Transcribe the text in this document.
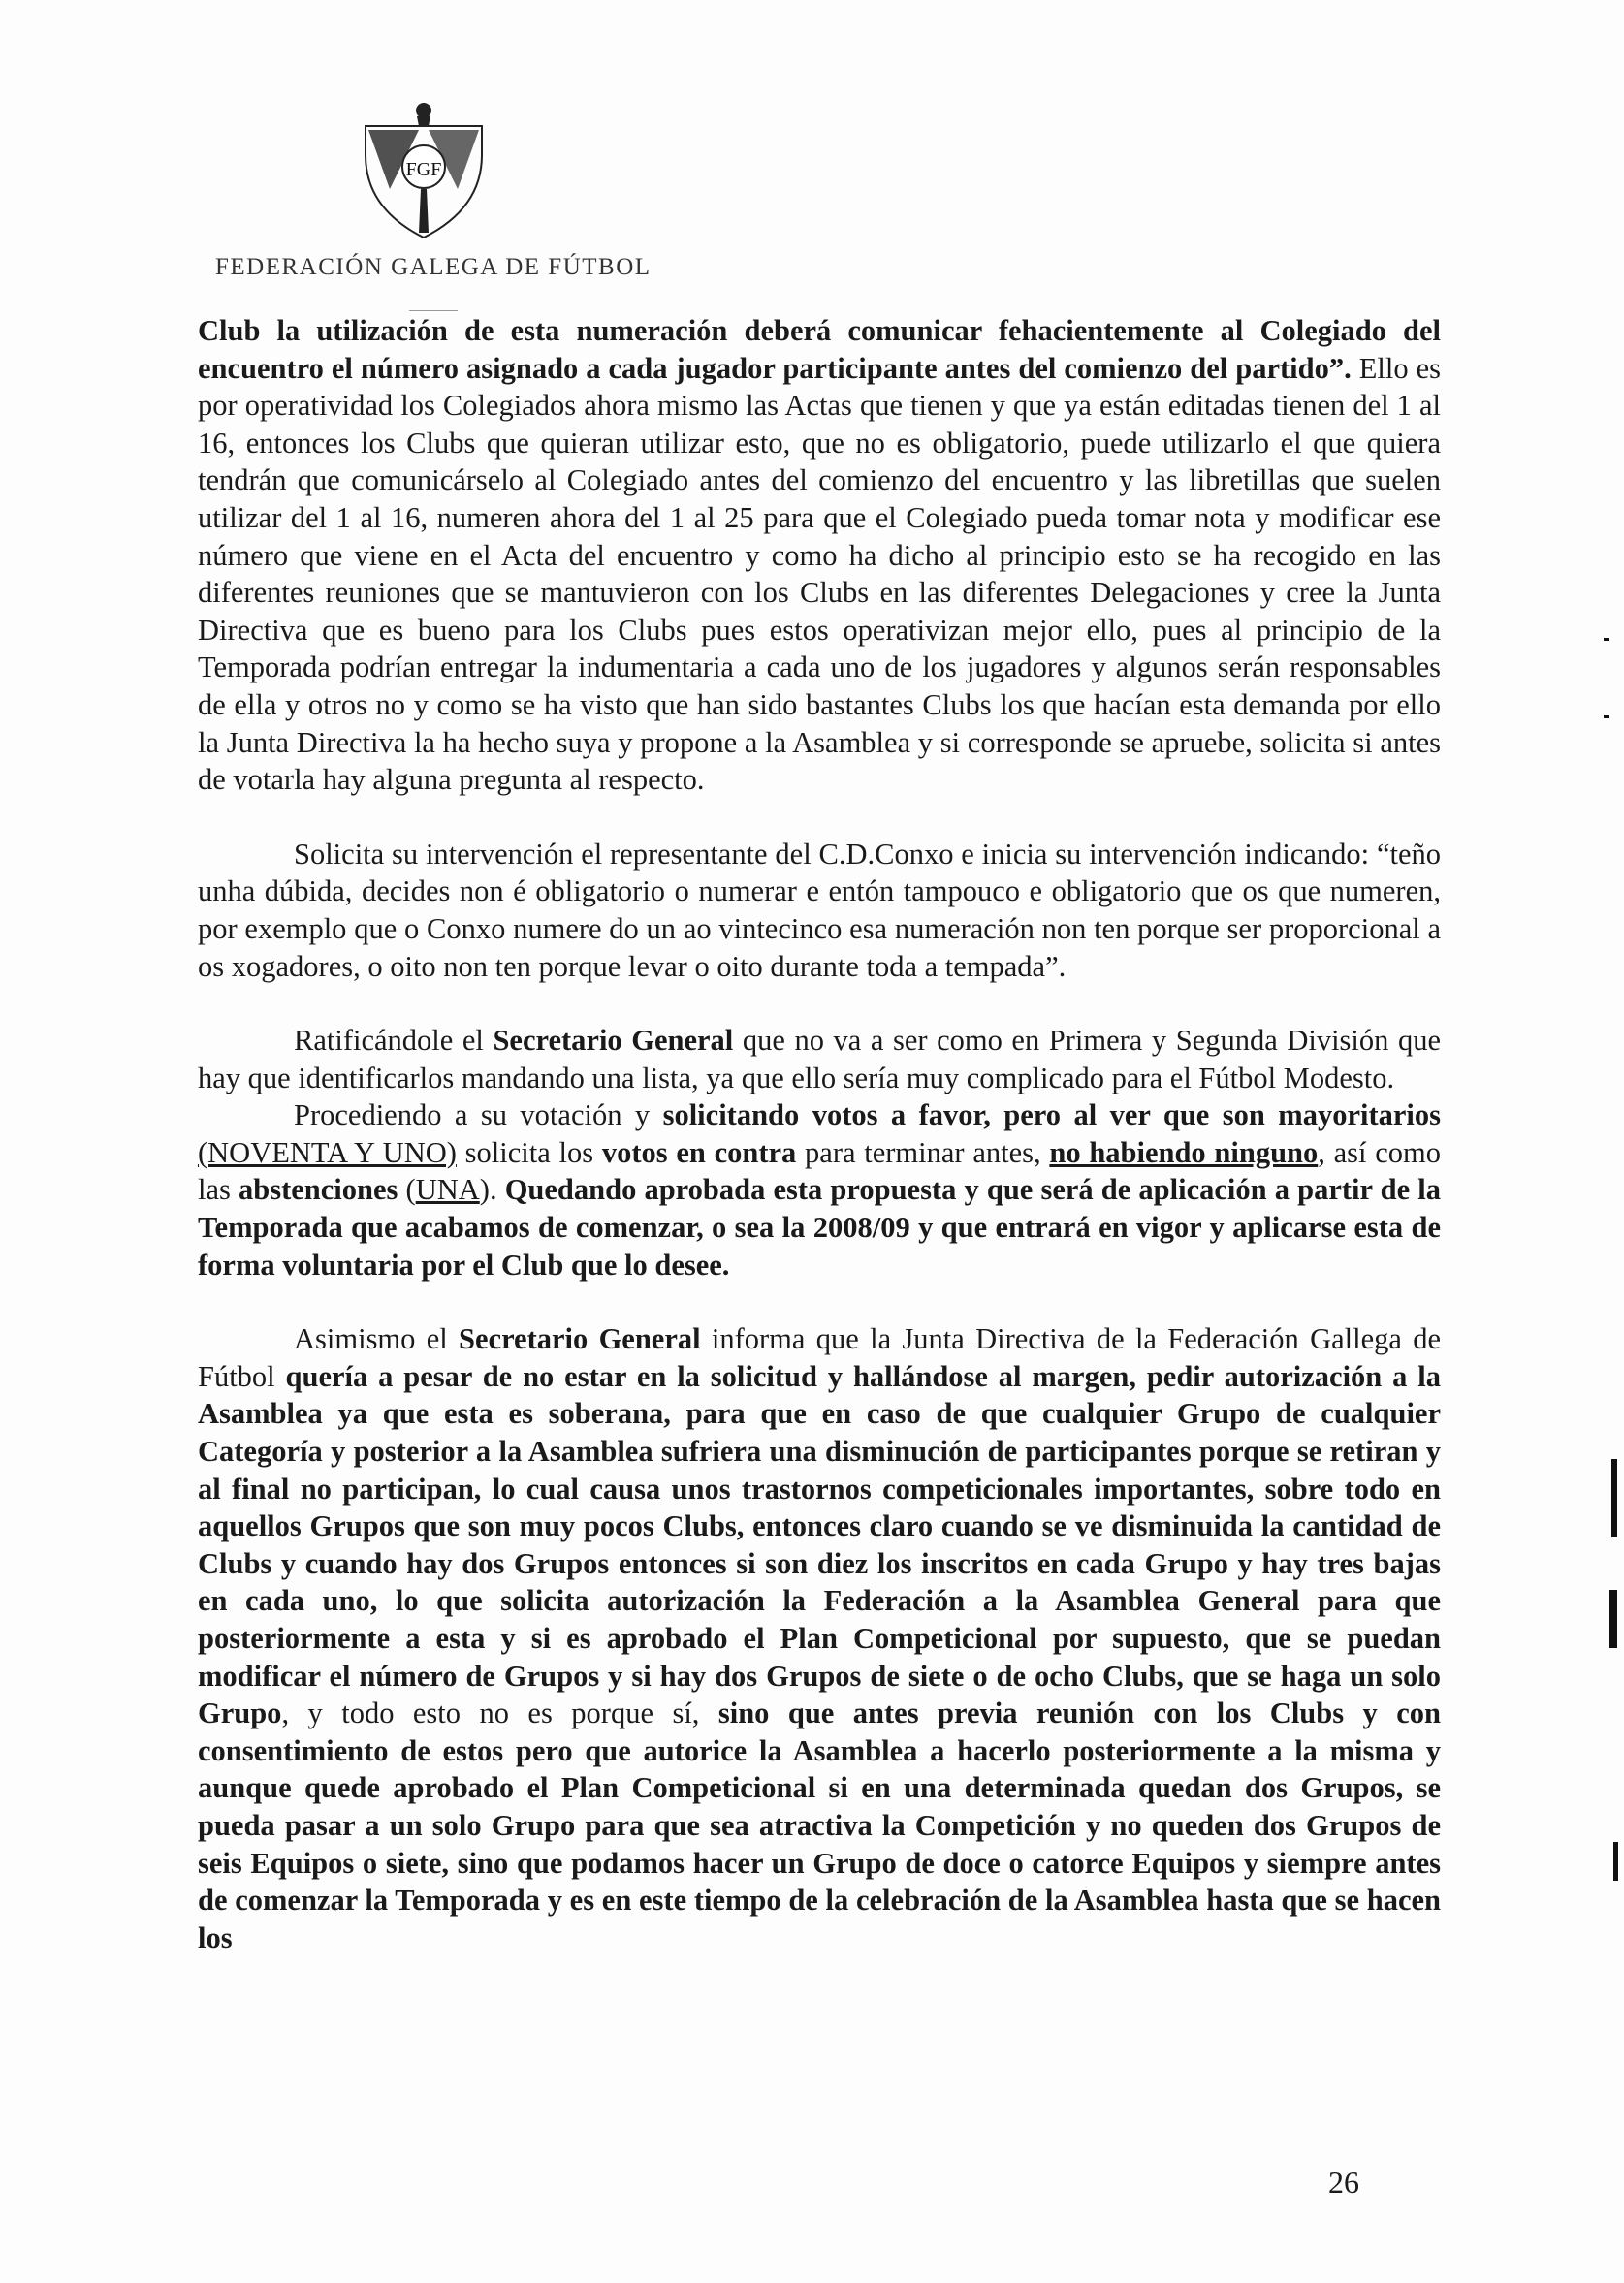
FGF
FEDERACIÓN GALEGA DE FÚTBOL

Club la utilización de esta numeración deberá comunicar fehacientemente al Colegiado del encuentro el número asignado a cada jugador participante antes del comienzo del partido”. Ello es por operatividad los Colegiados ahora mismo las Actas que tienen y que ya están editadas tienen del 1 al 16, entonces los Clubs que quieran utilizar esto, que no es obligatorio, puede utilizarlo el que quiera tendrán que comunicárselo al Colegiado antes del comienzo del encuentro y las libretillas que suelen utilizar del 1 al 16, numeren ahora del 1 al 25 para que el Colegiado pueda tomar nota y modificar ese número que viene en el Acta del encuentro y como ha dicho al principio esto se ha recogido en las diferentes reuniones que se mantuvieron con los Clubs en las diferentes Delegaciones y cree la Junta Directiva que es bueno para los Clubs pues estos operativizan mejor ello, pues al principio de la Temporada podrían entregar la indumentaria a cada uno de los jugadores y algunos serán responsables de ella y otros no y como se ha visto que han sido bastantes Clubs los que hacían esta demanda por ello la Junta Directiva la ha hecho suya y propone a la Asamblea y si corresponde se apruebe, solicita si antes de votarla hay alguna pregunta al respecto.

Solicita su intervención el representante del C.D.Conxo e inicia su intervención indicando: “teño unha dúbida, decides non é obligatorio o numerar e entón tampouco e obligatorio que os que numeren, por exemplo que o Conxo numere do un ao vintecinco esa numeración non ten porque ser proporcional a os xogadores, o oito non ten porque levar o oito durante toda a tempada”.

Ratificándole el Secretario General que no va a ser como en Primera y Segunda División que hay que identificarlos mandando una lista, ya que ello sería muy complicado para el Fútbol Modesto.

Procediendo a su votación y solicitando votos a favor, pero al ver que son mayoritarios (NOVENTA Y UNO) solicita los votos en contra para terminar antes, no habiendo ninguno, así como las abstenciones (UNA). Quedando aprobada esta propuesta y que será de aplicación a partir de la Temporada que acabamos de comenzar, o sea la 2008/09 y que entrará en vigor y aplicarse esta de forma voluntaria por el Club que lo desee.

Asimismo el Secretario General informa que la Junta Directiva de la Federación Gallega de Fútbol quería a pesar de no estar en la solicitud y hallándose al margen, pedir autorización a la Asamblea ya que esta es soberana, para que en caso de que cualquier Grupo de cualquier Categoría y posterior a la Asamblea sufriera una disminución de participantes porque se retiran y al final no participan, lo cual causa unos trastornos competicionales importantes, sobre todo en aquellos Grupos que son muy pocos Clubs, entonces claro cuando se ve disminuida la cantidad de Clubs y cuando hay dos Grupos entonces si son diez los inscritos en cada Grupo y hay tres bajas en cada uno, lo que solicita autorización la Federación a la Asamblea General para que posteriormente a esta y si es aprobado el Plan Competicional por supuesto, que se puedan modificar el número de Grupos y si hay dos Grupos de siete o de ocho Clubs, que se haga un solo Grupo, y todo esto no es porque sí, sino que antes previa reunión con los Clubs y con consentimiento de estos pero que autorice la Asamblea a hacerlo posteriormente a la misma y aunque quede aprobado el Plan Competicional si en una determinada quedan dos Grupos, se pueda pasar a un solo Grupo para que sea atractiva la Competición y no queden dos Grupos de seis Equipos o siete, sino que podamos hacer un Grupo de doce o catorce Equipos y siempre antes de comenzar la Temporada y es en este tiempo de la celebración de la Asamblea hasta que se hacen los

26
